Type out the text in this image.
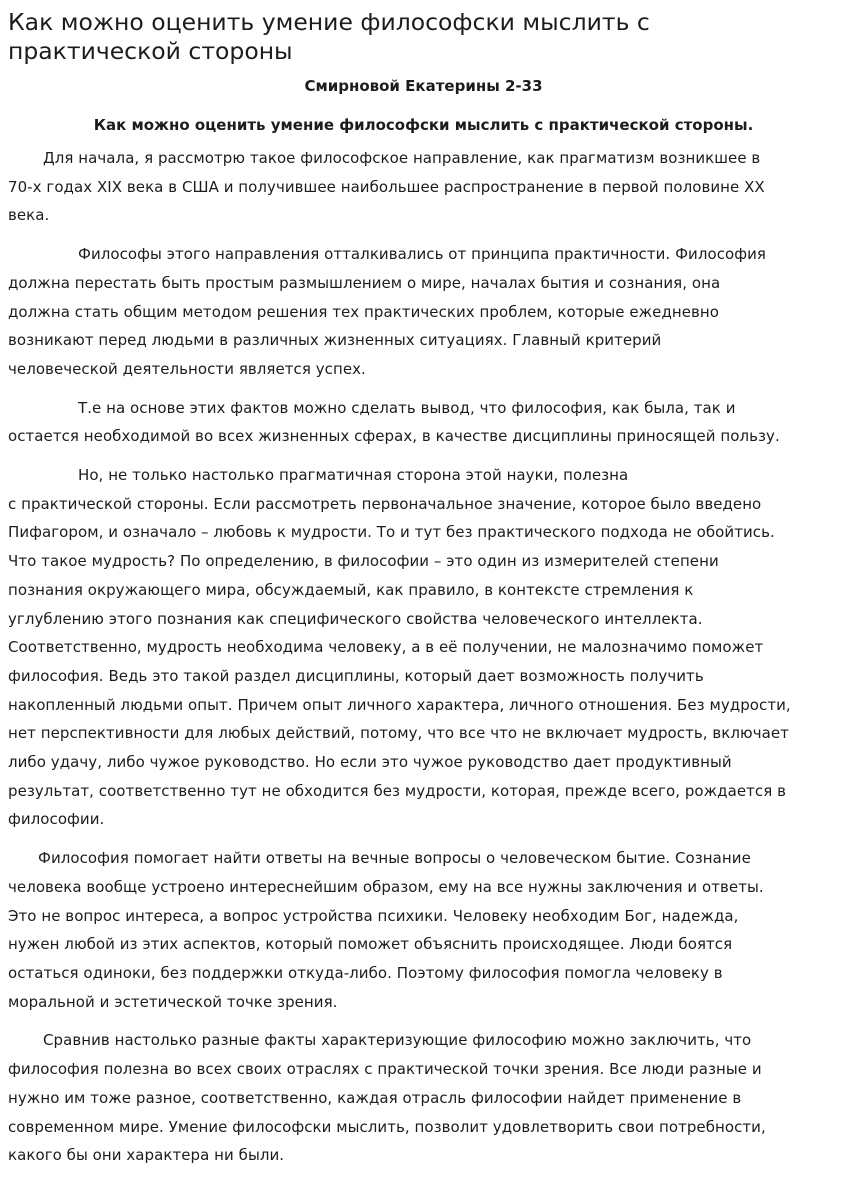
Как можно оценить умение философски мыслить с
практической стороны
Смирновой Екатерины 2-33
Как можно оценить умение философски мыслить с практической стороны.

Для начала, я рассмотрю такое философское направление, как прагматизм возникшее в
70-х годах XIX века в США и получившее наибольшее распространение в первой половине XX
века.

Философы этого направления отталкивались от принципа практичности. Философия
должна перестать быть простым размышлением о мире, началах бытия и сознания, она
должна стать общим методом решения тех практических проблем, которые ежедневно
возникают перед людьми в различных жизненных ситуациях. Главный критерий
человеческой деятельности является успех.

Т.е на основе этих фактов можно сделать вывод, что философия, как была, так и
остается необходимой во всех жизненных сферах, в качестве дисциплины приносящей пользу.

Но, не только настолько прагматичная сторона этой науки, полезна
с практической стороны. Если рассмотреть первоначальное значение, которое было введено
Пифагором, и означало – любовь к мудрости. То и тут без практического подхода не обойтись.
Что такое мудрость? По определению, в философии – это один из измерителей степени
познания окружающего мира, обсуждаемый, как правило, в контексте стремления к
углублению этого познания как специфического свойства человеческого интеллекта.
Соответственно, мудрость необходима человеку, а в её получении, не малозначимо поможет
философия. Ведь это такой раздел дисциплины, который дает возможность получить
накопленный людьми опыт. Причем опыт личного характера, личного отношения. Без мудрости,
нет перспективности для любых действий, потому, что все что не включает мудрость, включает
либо удачу, либо чужое руководство. Но если это чужое руководство дает продуктивный
результат, соответственно тут не обходится без мудрости, которая, прежде всего, рождается в
философии.

Философия помогает найти ответы на вечные вопросы о человеческом бытие. Сознание
человека вообще устроено интереснейшим образом, ему на все нужны заключения и ответы.
Это не вопрос интереса, а вопрос устройства психики. Человеку необходим Бог, надежда,
нужен любой из этих аспектов, который поможет объяснить происходящее. Люди боятся
остаться одиноки, без поддержки откуда-либо. Поэтому философия помогла человеку в
моральной и эстетической точке зрения.

Сравнив настолько разные факты характеризующие философию можно заключить, что
философия полезна во всех своих отраслях с практической точки зрения. Все люди разные и
нужно им тоже разное, соответственно, каждая отрасль философии найдет применение в
современном мире. Умение философски мыслить, позволит удовлетворить свои потребности,
какого бы они характера ни были.
